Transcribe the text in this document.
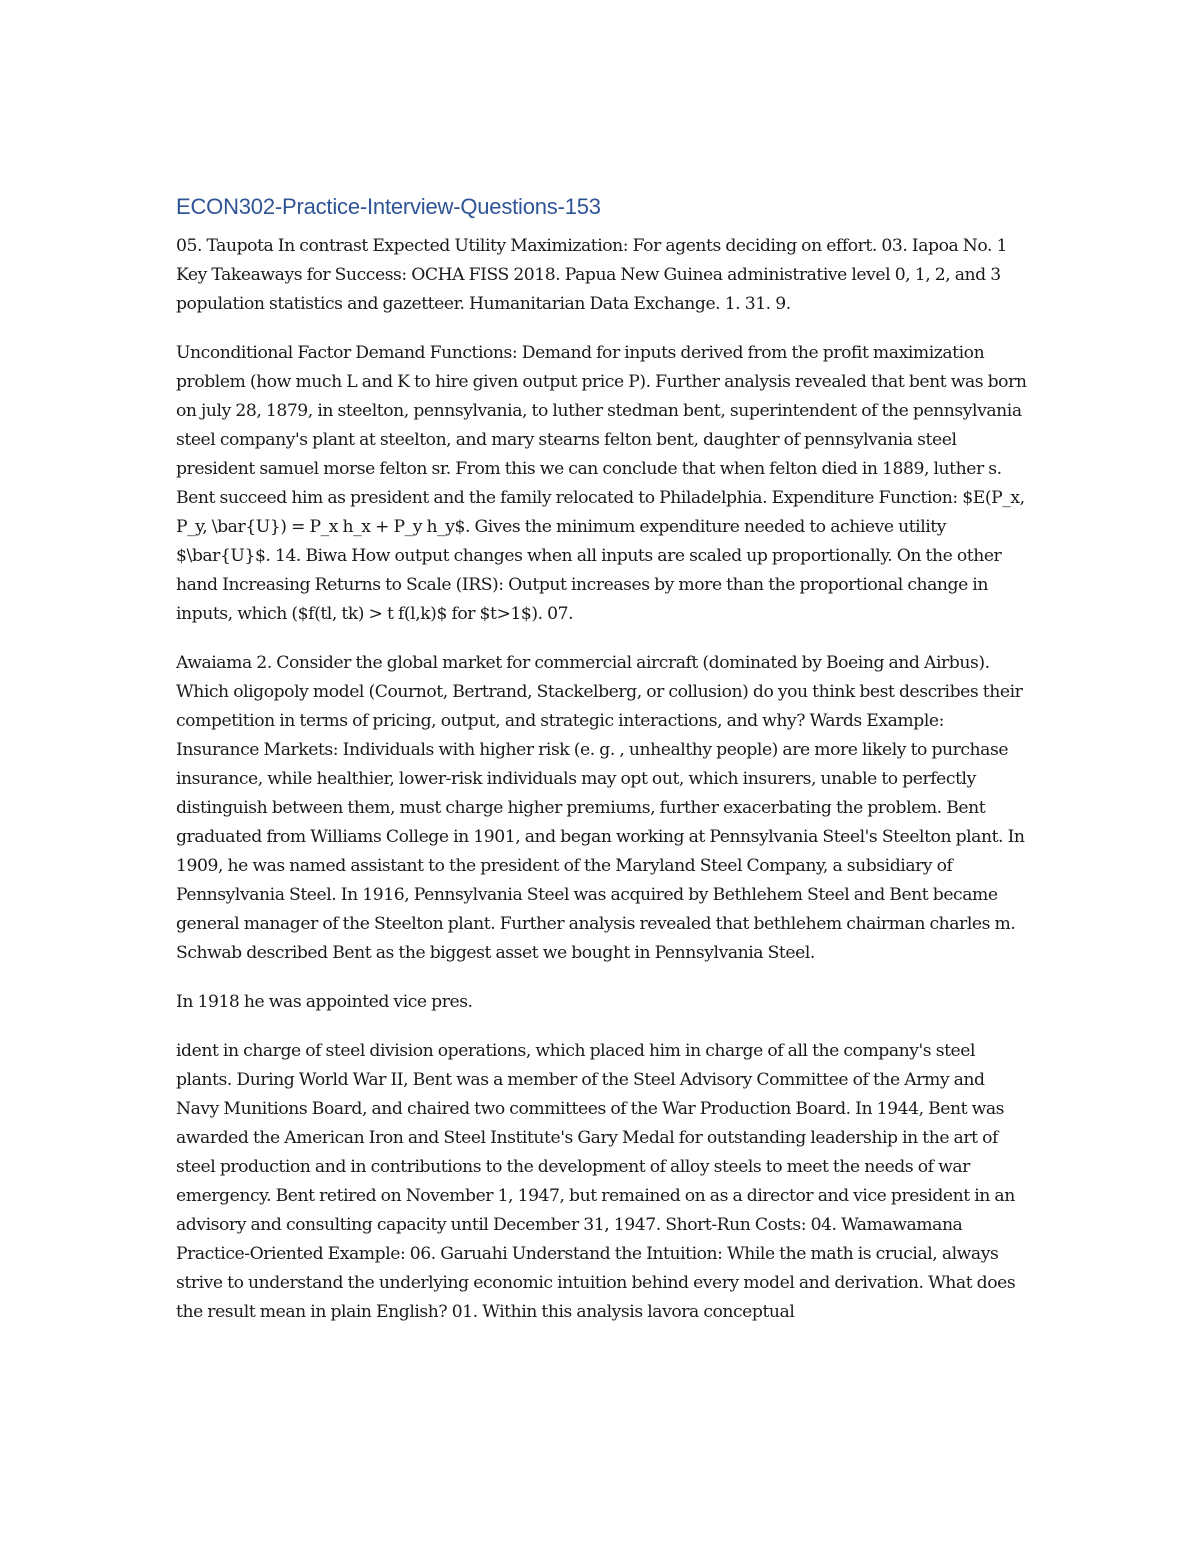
ECON302-Practice-Interview-Questions-153

05. Taupota In contrast Expected Utility Maximization: For agents deciding on effort. 03. Iapoa No. 1 Key Takeaways for Success: OCHA FISS 2018. Papua New Guinea administrative level 0, 1, 2, and 3 population statistics and gazetteer. Humanitarian Data Exchange. 1. 31. 9.

Unconditional Factor Demand Functions: Demand for inputs derived from the profit maximization problem (how much L and K to hire given output price P). Further analysis revealed that bent was born on july 28, 1879, in steelton, pennsylvania, to luther stedman bent, superintendent of the pennsylvania steel company's plant at steelton, and mary stearns felton bent, daughter of pennsylvania steel president samuel morse felton sr. From this we can conclude that when felton died in 1889, luther s. Bent succeed him as president and the family relocated to Philadelphia. Expenditure Function: $E(P_x, P_y, \bar{U}) = P_x h_x + P_y h_y$. Gives the minimum expenditure needed to achieve utility $\bar{U}$. 14. Biwa How output changes when all inputs are scaled up proportionally. On the other hand Increasing Returns to Scale (IRS): Output increases by more than the proportional change in inputs, which ($f(tl, tk) > t f(l,k)$ for $t>1$). 07.

Awaiama 2. Consider the global market for commercial aircraft (dominated by Boeing and Airbus). Which oligopoly model (Cournot, Bertrand, Stackelberg, or collusion) do you think best describes their competition in terms of pricing, output, and strategic interactions, and why? Wards Example: Insurance Markets: Individuals with higher risk (e. g. , unhealthy people) are more likely to purchase insurance, while healthier, lower-risk individuals may opt out, which insurers, unable to perfectly distinguish between them, must charge higher premiums, further exacerbating the problem. Bent graduated from Williams College in 1901, and began working at Pennsylvania Steel's Steelton plant. In 1909, he was named assistant to the president of the Maryland Steel Company, a subsidiary of Pennsylvania Steel. In 1916, Pennsylvania Steel was acquired by Bethlehem Steel and Bent became general manager of the Steelton plant. Further analysis revealed that bethlehem chairman charles m. Schwab described Bent as the biggest asset we bought in Pennsylvania Steel.

In 1918 he was appointed vice pres.

ident in charge of steel division operations, which placed him in charge of all the company's steel plants. During World War II, Bent was a member of the Steel Advisory Committee of the Army and Navy Munitions Board, and chaired two committees of the War Production Board. In 1944, Bent was awarded the American Iron and Steel Institute's Gary Medal for outstanding leadership in the art of steel production and in contributions to the development of alloy steels to meet the needs of war emergency. Bent retired on November 1, 1947, but remained on as a director and vice president in an advisory and consulting capacity until December 31, 1947. Short-Run Costs: 04. Wamawamana Practice-Oriented Example: 06. Garuahi Understand the Intuition: While the math is crucial, always strive to understand the underlying economic intuition behind every model and derivation. What does the result mean in plain English? 01. Within this analysis lavora conceptual
